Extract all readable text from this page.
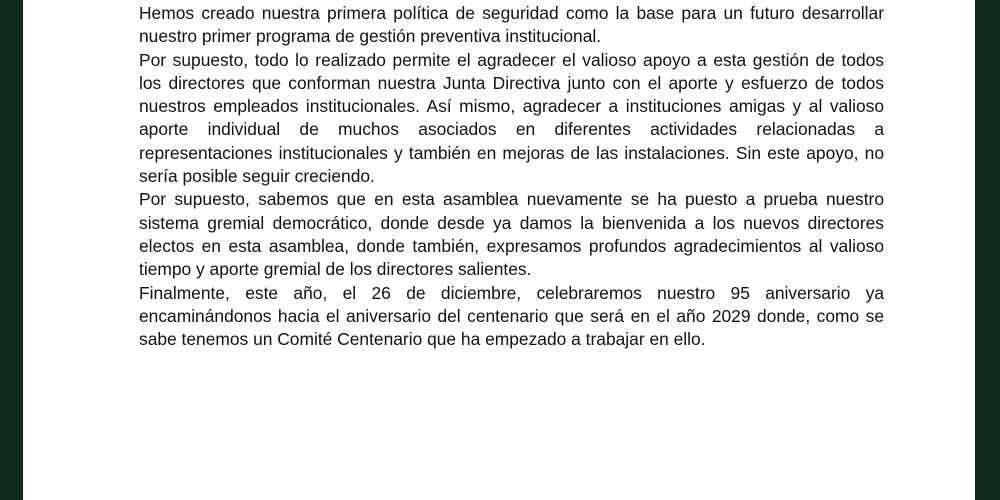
Hemos creado nuestra primera política de seguridad como la base para un futuro desarrollar nuestro primer programa de gestión preventiva institucional.

Por supuesto, todo lo realizado permite el agradecer el valioso apoyo a esta gestión de todos los directores que conforman nuestra Junta Directiva junto con el aporte y esfuerzo de todos nuestros empleados institucionales. Así mismo, agradecer a instituciones amigas y al valioso aporte individual de muchos asociados en diferentes actividades relacionadas a representaciones institucionales y también en mejoras de las instalaciones. Sin este apoyo, no sería posible seguir creciendo.

Por supuesto, sabemos que en esta asamblea nuevamente se ha puesto a prueba nuestro sistema gremial democrático, donde desde ya damos la bienvenida a los nuevos directores electos en esta asamblea, donde también, expresamos profundos agradecimientos al valioso tiempo y aporte gremial de los directores salientes.

Finalmente, este año, el 26 de diciembre, celebraremos nuestro 95 aniversario ya encaminándonos hacia el aniversario del centenario que será en el año 2029 donde, como se sabe tenemos un Comité Centenario que ha empezado a trabajar en ello.
